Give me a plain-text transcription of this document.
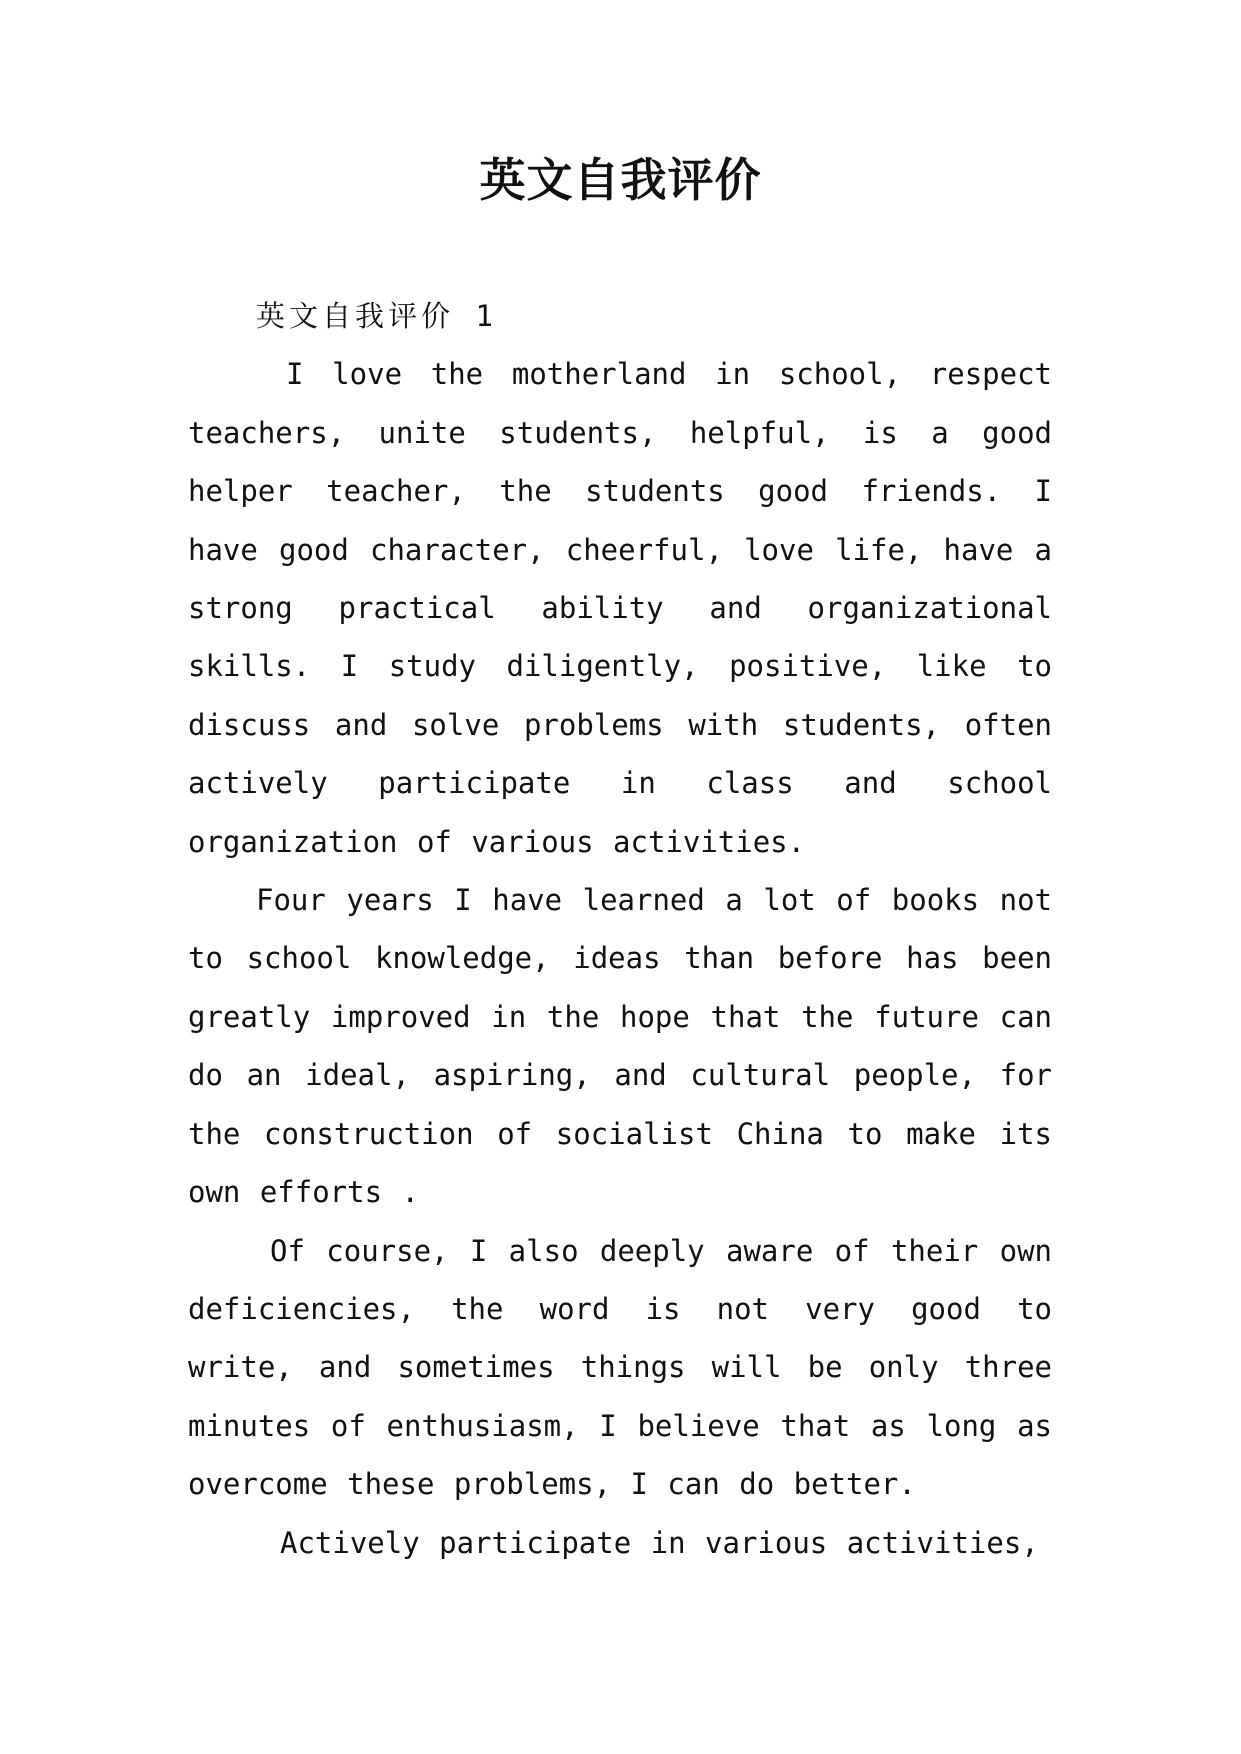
英文自我评价
英文自我评价 1

I love the motherland in school, respect teachers, unite students, helpful, is a good helper teacher, the students good friends. I have good character, cheerful, love life, have a strong practical ability and organizational skills. I study diligently, positive, like to discuss and solve problems with students, often actively participate in class and school organization of various activities.

Four years I have learned a lot of books not to school knowledge, ideas than before has been greatly improved in the hope that the future can do an ideal, aspiring, and cultural people, for the construction of socialist China to make its own efforts .

Of course, I also deeply aware of their own deficiencies, the word is not very good to write, and sometimes things will be only three minutes of enthusiasm, I believe that as long as overcome these problems, I can do better.

Actively participate in various activities,
